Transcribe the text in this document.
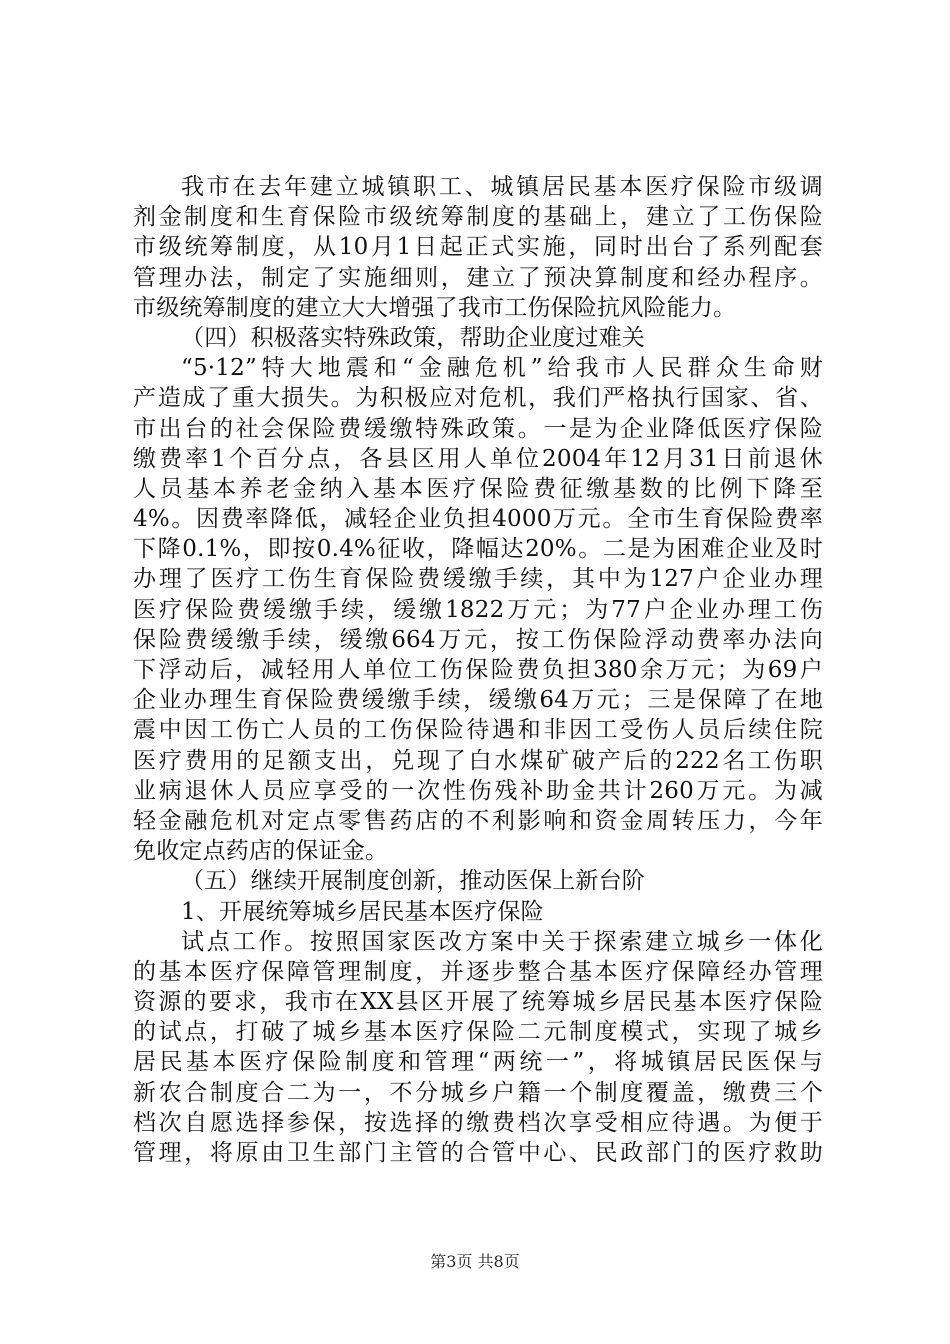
我市在去年建立城镇职工、城镇居民基本医疗保险市级调
剂金制度和生育保险市级统筹制度的基础上，建立了工伤保险
市级统筹制度，从10月1日起正式实施，同时出台了系列配套
管理办法，制定了实施细则，建立了预决算制度和经办程序。
市级统筹制度的建立大大增强了我市工伤保险抗风险能力。
（四）积极落实特殊政策，帮助企业度过难关
“5·12”特大地震和“金融危机”给我市人民群众生命财
产造成了重大损失。为积极应对危机，我们严格执行国家、省、
市出台的社会保险费缓缴特殊政策。一是为企业降低医疗保险
缴费率1个百分点，各县区用人单位2004年12月31日前退休
人员基本养老金纳入基本医疗保险费征缴基数的比例下降至
4%。因费率降低，减轻企业负担4000万元。全市生育保险费率
下降0.1%，即按0.4%征收，降幅达20%。二是为困难企业及时
办理了医疗工伤生育保险费缓缴手续，其中为127户企业办理
医疗保险费缓缴手续，缓缴1822万元；为77户企业办理工伤
保险费缓缴手续，缓缴664万元，按工伤保险浮动费率办法向
下浮动后，减轻用人单位工伤保险费负担380余万元；为69户
企业办理生育保险费缓缴手续，缓缴64万元；三是保障了在地
震中因工伤亡人员的工伤保险待遇和非因工受伤人员后续住院
医疗费用的足额支出，兑现了白水煤矿破产后的222名工伤职
业病退休人员应享受的一次性伤残补助金共计260万元。为减
轻金融危机对定点零售药店的不利影响和资金周转压力，今年
免收定点药店的保证金。
（五）继续开展制度创新，推动医保上新台阶
1、开展统筹城乡居民基本医疗保险
试点工作。按照国家医改方案中关于探索建立城乡一体化
的基本医疗保障管理制度，并逐步整合基本医疗保障经办管理
资源的要求，我市在XX县区开展了统筹城乡居民基本医疗保险
的试点，打破了城乡基本医疗保险二元制度模式，实现了城乡
居民基本医疗保险制度和管理“两统一”，将城镇居民医保与
新农合制度合二为一，不分城乡户籍一个制度覆盖，缴费三个
档次自愿选择参保，按选择的缴费档次享受相应待遇。为便于
管理，将原由卫生部门主管的合管中心、民政部门的医疗救助
第3页 共8页
